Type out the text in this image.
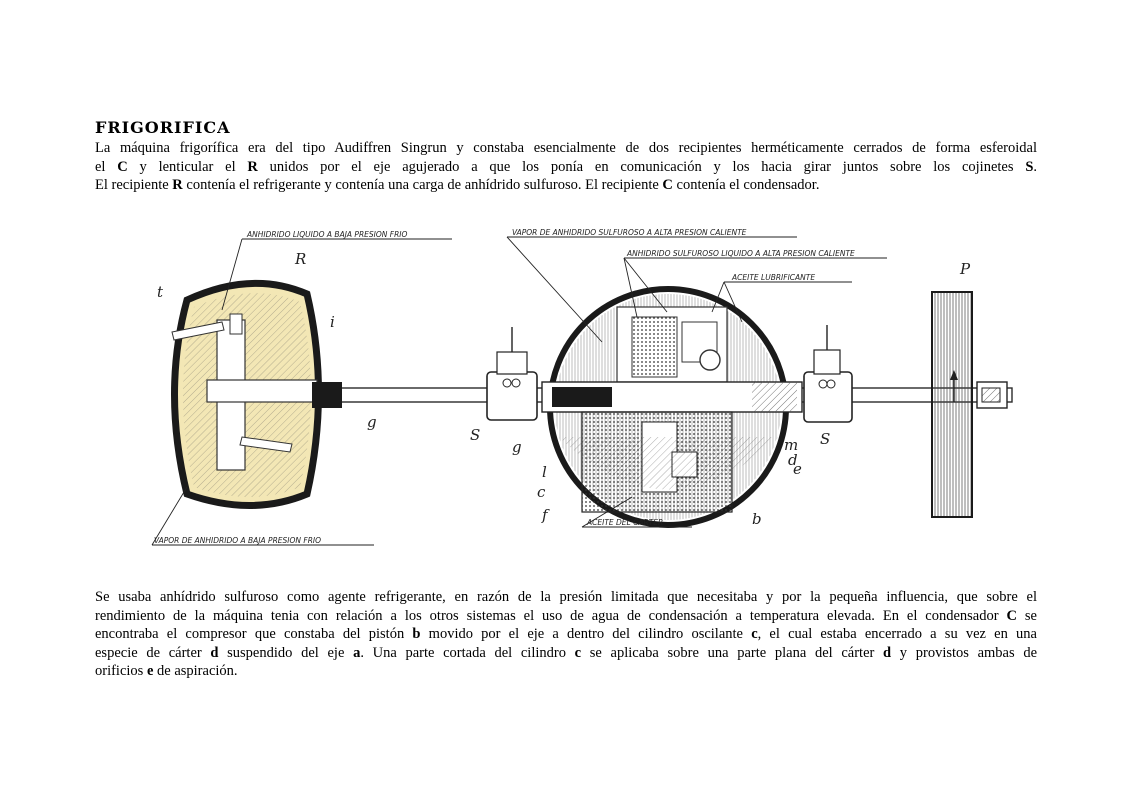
FRIGORIFICA
La máquina frigorífica era del tipo Audiffren Singrun y constaba esencialmente de dos recipientes herméticamente cerrados de forma esferoidal
el C y lenticular el R unidos por el eje agujerado a que los ponía en comunicación y los hacia girar juntos sobre los cojinetes S.
El recipiente R contenía el refrigerante y contenía una carga de anhídrido sulfuroso. El recipiente C contenía el condensador.
ANHIDRIDO LIQUIDO A BAJA PRESION FRIO	VAPOR DE ANHIDRIDO SULFUROSO A ALTA PRESION CALIENTE
ANHIDRIDO SULFUROSO LIQUIDO A ALTA PRESION CALIENTE
ACEITE LUBRIFICANTE
VAPOR DE ANHIDRIDO A BAJA PRESION FRIO
ACEITE DEL CARTER
R
i
t
g
P
S	S
g	m
d
e
l
c
f	b
Se usaba anhídrido sulfuroso como agente refrigerante, en razón de la presión limitada que necesitaba y por la pequeña influencia, que sobre el
rendimiento de la máquina tenia con relación a los otros sistemas el uso de agua de condensación a temperatura elevada. En el condensador C se
encontraba el compresor que constaba del pistón b movido por el eje a dentro del cilindro oscilante c, el cual estaba encerrado a su vez en una
especie de cárter d suspendido del eje a. Una parte cortada del cilindro c se aplicaba sobre una parte plana del cárter d y provistos ambas de
orificios e de aspiración.
